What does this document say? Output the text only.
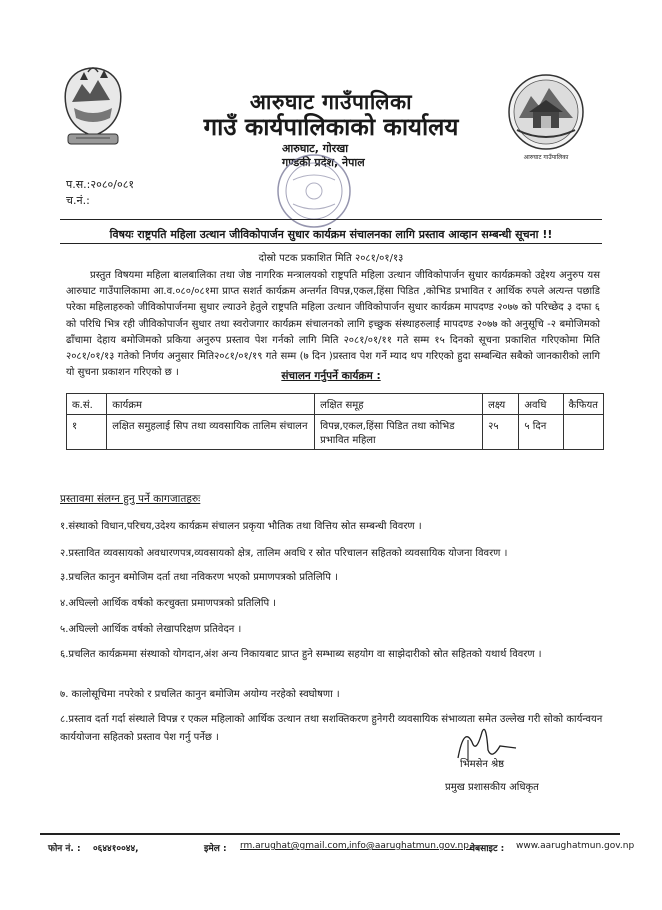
आरुघाट गाउँपालिका
गाउँ कार्यपालिकाको कार्यालय
आरुघाट, गोरखा
गण्डकी प्रदेश, नेपाल	आरुघाट गाउँपालिका
प.स.:२०८०/०८१
च.नं.:
विषयः राष्ट्रपति महिला उत्थान जीविकोपार्जन सुधार कार्यक्रम संचालनका लागि प्रस्ताव आव्हान सम्बन्धी सूचना !!
दोस्रो पटक प्रकाशित मिति २०८१/०१/१३

प्रस्तुत विषयमा महिला बालबालिका तथा जेष्ठ नागरिक मन्त्रालयको राष्ट्रपति महिला उत्थान जीविकोपार्जन सुधार कार्यक्रमको उद्देश्य अनुरुप यस आरुघाट गाउँपालिकामा आ.व.०८०/०८१मा प्राप्त सशर्त कार्यक्रम अन्तर्गत विपन्न,एकल,हिंसा पिडित ,कोभिड प्रभावित र आर्थिक रुपले अत्यन्त पछाडि परेका महिलाहरुको जीविकोपार्जनमा सुधार ल्याउने हेतुले राष्ट्रपति महिला उत्थान जीविकोपार्जन सुधार कार्यक्रम मापदण्ड २०७७ को परिच्छेद ३ दफा ६ को परिधि भित्र रही जीविकोपार्जन सुधार तथा स्वरोजगार कार्यक्रम संचालनको लागि इच्छुक संस्थाहरुलाई मापदण्ड २०७७ को अनुसूचि -२ बमोजिमको ढाँचामा देहाय बमोजिमको प्रकिया अनुरुप प्रस्ताव पेश गर्नको लागि मिति २०८१/०१/११ गते सम्म १५ दिनको सूचना प्रकाशित गरिएकोमा मिति २०८१/०१/१३ गतेको निर्णय अनुसार मिति२०८१/०१/१९ गते सम्म (७ दिन )प्रस्ताव पेश गर्ने म्याद थप गरिएको हुदा सम्बन्धित सबैको जानकारीको लागि यो सुचना प्रकाशन गरिएको छ ।	संचालन गर्नुपर्ने कार्यक्रम :
क.सं.	कार्यक्रम	लक्षित समूह	लक्ष्य	अवधि	कैफियत
१	लक्षित समुहलाई सिप तथा व्यवसायिक तालिम संचालन	विपन्न,एकल,हिंसा पिडित तथा कोभिड प्रभावित महिला	२५	५ दिन	
प्रस्तावमा संलग्न हुनु पर्ने कागजातहरुः
१.संस्थाको विधान,परिचय,उदेश्य कार्यक्रम संचालन प्रकृया भौतिक तथा वित्तिय स्रोत सम्बन्धी विवरण ।
२.प्रस्तावित व्यवसायको अवधारणपत्र,व्यवसायको क्षेत्र, तालिम अवधि र स्रोत परिचालन सहितको व्यवसायिक योजना विवरण ।
३.प्रचलित कानुन बमोजिम दर्ता तथा नविकरण भएको प्रमाणपत्रको प्रतिलिपि ।
४.अघिल्लो आर्थिक वर्षको करचुक्ता प्रमाणपत्रको प्रतिलिपि ।
५.अघिल्लो आर्थिक वर्षको लेखापरिक्षण प्रतिवेदन ।
६.प्रचलित कार्यक्रममा संस्थाको योगदान,अंश अन्य निकायबाट प्राप्त हुने सम्भाब्य सहयोग वा साझेदारीको स्रोत सहितको यथार्थ विवरण ।
७. कालोसूचिमा नपरेको र प्रचलित कानुन बमोजिम अयोग्य नरहेको स्वघोषणा ।
८.प्रस्ताव दर्ता गर्दा संस्थाले विपन्न र एकल महिलाको आर्थिक उत्थान तथा सशक्तिकरण हुनेगरी व्यवसायिक संभाव्यता समेत उल्लेख गरी सोको कार्यन्वयन कार्ययोजना सहितको प्रस्ताव पेश गर्नु पर्नेछ ।
भिमसेन श्रेष्ठ
प्रमुख प्रशासकीय अधिकृत
फोन नं. : ०६४४१००४४,	इमेल : rm.arughat@gmail.com, info@aarughatmun.gov.np,
वेबसाइट : www.aarughatmun.gov.np
